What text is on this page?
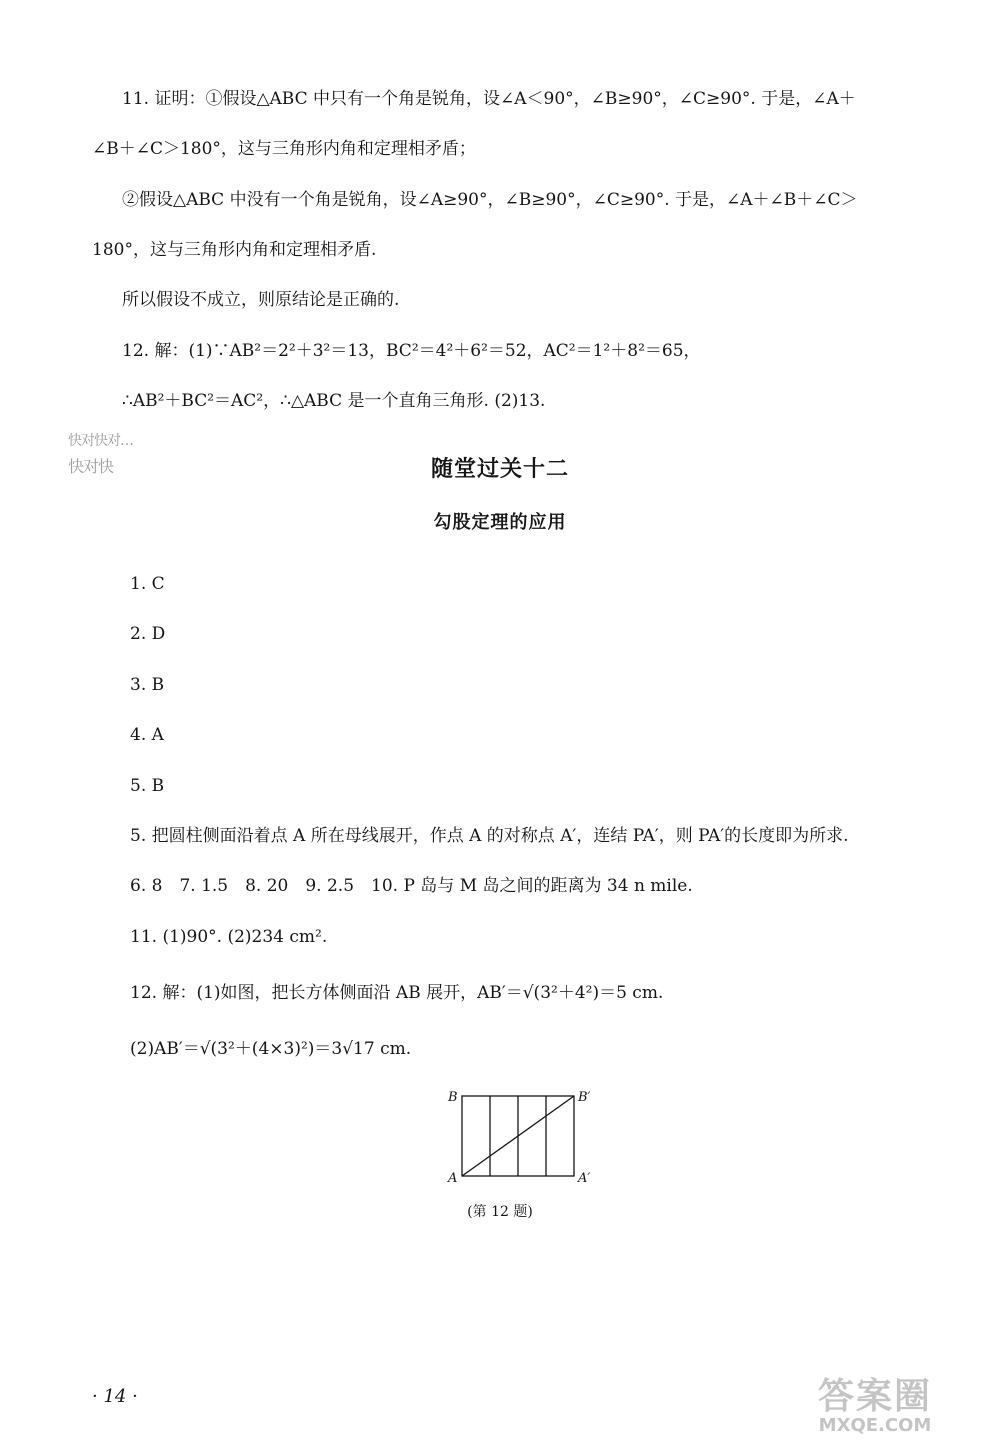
11. 证明：①假设△ABC 中只有一个角是锐角，设∠A＜90°，∠B≥90°，∠C≥90°. 于是，∠A＋
∠B＋∠C＞180°，这与三角形内角和定理相矛盾；
②假设△ABC 中没有一个角是锐角，设∠A≥90°，∠B≥90°，∠C≥90°. 于是，∠A＋∠B＋∠C＞
180°，这与三角形内角和定理相矛盾.
所以假设不成立，则原结论是正确的.
12. 解：(1)∵AB²＝2²＋3²＝13，BC²＝4²＋6²＝52，AC²＝1²＋8²＝65，
∴AB²＋BC²＝AC²，∴△ABC 是一个直角三角形. (2)13.
快对快对…
快对快	随堂过关十二
勾股定理的应用
1. C
2. D
3. B
4. A
5. B
5. 把圆柱侧面沿着点 A 所在母线展开，作点 A 的对称点 A′，连结 PA′，则 PA′的长度即为所求.
6. 8　7. 1.5　8. 20　9. 2.5　10. P 岛与 M 岛之间的距离为 34 n mile.
11. (1)90°. (2)234 cm².
12. 解：(1)如图，把长方体侧面沿 AB 展开，AB′＝√(3²＋4²)＝5 cm.
(2)AB′＝√(3²＋(4×3)²)＝3√17 cm.
B	B′
A	A′
(第 12 题)
· 14 ·	答案圈
MXQE.COM
